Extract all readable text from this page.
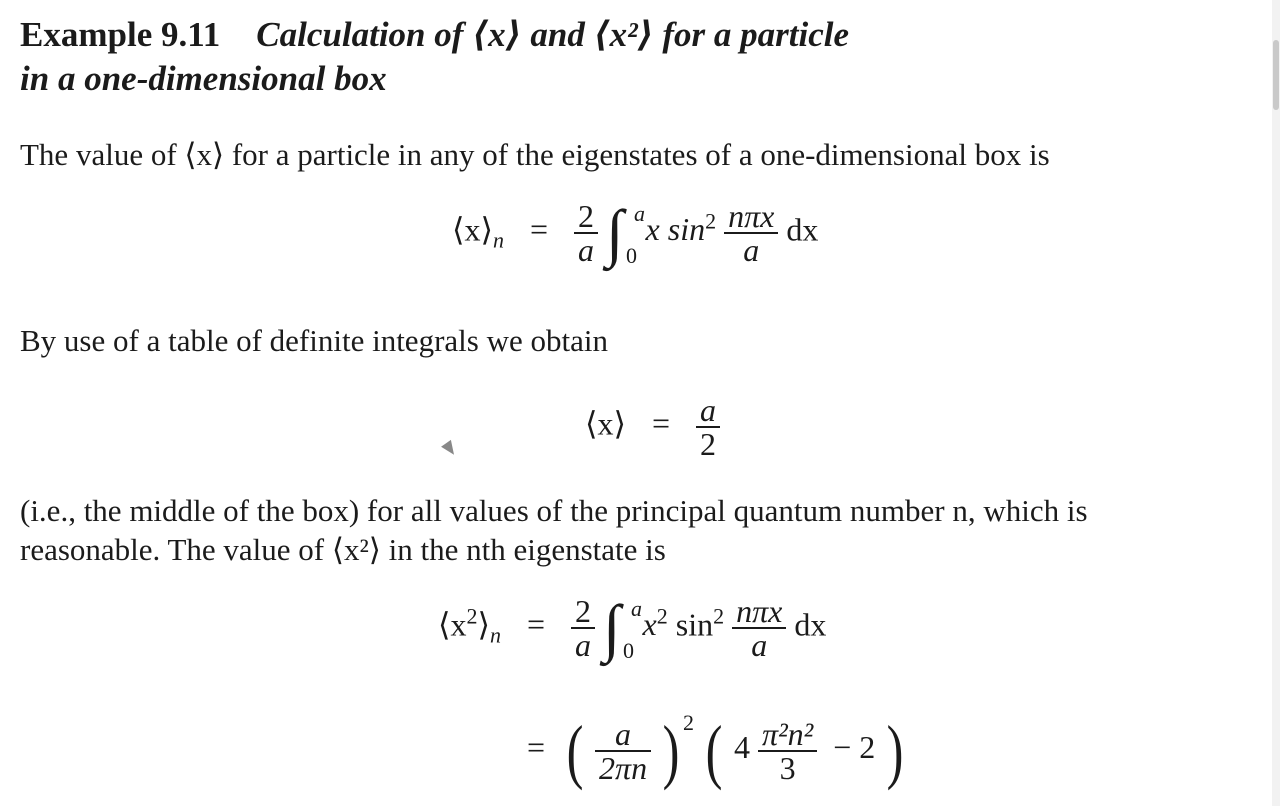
Example 9.11 Calculation of ⟨x⟩ and ⟨x²⟩ for a particle
in a one-dimensional box
The value of ⟨x⟩ for a particle in any of the eigenstates of a one-dimensional box is
$⟨x⟩_n = \frac{2}{a}$ ∫ a
0
x $\sin^2 \frac{\text{nπx}}{a}$ dx
By use of a table of definite integrals we obtain
⟨x⟩ = $\frac{a}{2}$
(i.e., the middle of the box) for all values of the principal quantum number n, which is
reasonable. The value of ⟨x²⟩ in the nth eigenstate is
$⟨x^2⟩_n = \frac{2}{a}$ ∫ a
0
$x^2$ $\sin^2 \frac{\text{nπx}}{a}$ dx
= ( $\frac{a}{2\pi n}$ ) $^2$ ( $4 \frac{\text{π²n²}}{3} - 2$ )
